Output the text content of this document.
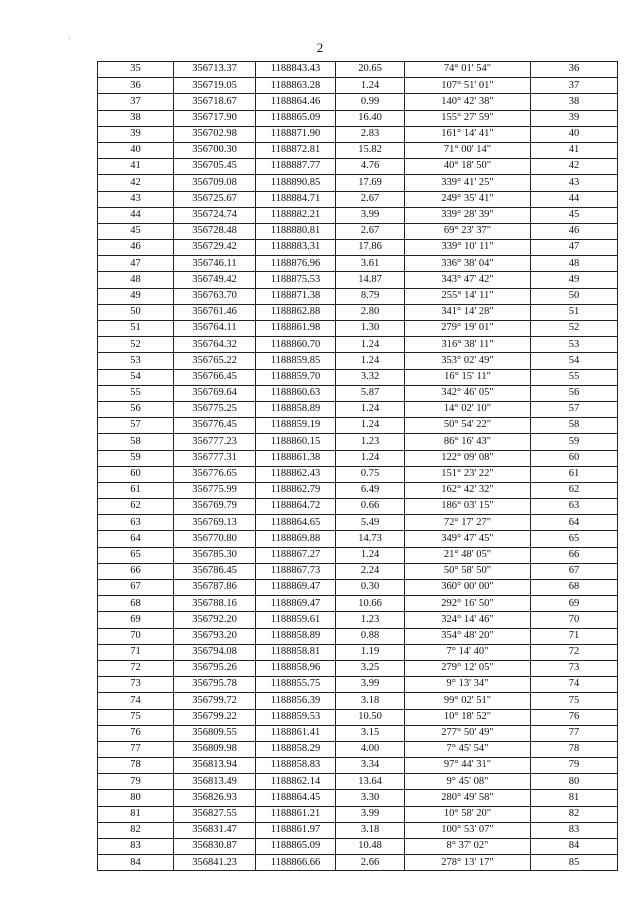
'	2
35	356713.37	1188843.43	20.65	74° 01' 54"	36
36	356719.05	1188863.28	1.24	107° 51' 01"	37
37	356718.67	1188864.46	0.99	140° 42' 38"	38
38	356717.90	1188865.09	16.40	155° 27' 59"	39
39	356702.98	1188871.90	2.83	161° 14' 41"	40
40	356700.30	1188872.81	15.82	71° 00' 14"	41
41	356705.45	1188887.77	4.76	40° 18' 50"	42
42	356709.08	1188890.85	17.69	339° 41' 25"	43
43	356725.67	1188884.71	2.67	249° 35' 41"	44
44	356724.74	1188882.21	3.99	339° 28' 39"	45
45	356728.48	1188880.81	2.67	69° 23' 37"	46
46	356729.42	1188883.31	17.86	339° 10' 11"	47
47	356746.11	1188876.96	3.61	336° 38' 04"	48
48	356749.42	1188875.53	14.87	343° 47' 42"	49
49	356763.70	1188871.38	8.79	255° 14' 11"	50
50	356761.46	1188862.88	2.80	341° 14' 28"	51
51	356764.11	1188861.98	1.30	279° 19' 01"	52
52	356764.32	1188860.70	1.24	316° 38' 11"	53
53	356765.22	1188859.85	1.24	353° 02' 49"	54
54	356766.45	1188859.70	3.32	16° 15' 11"	55
55	356769.64	1188860.63	5.87	342° 46' 05"	56
56	356775.25	1188858.89	1.24	14° 02' 10"	57
57	356776.45	1188859.19	1.24	50° 54' 22"	58
58	356777.23	1188860.15	1.23	86° 16' 43"	59
59	356777.31	1188861.38	1.24	122° 09' 08"	60
60	356776.65	1188862.43	0.75	151° 23' 22"	61
61	356775.99	1188862.79	6.49	162° 42' 32"	62
62	356769.79	1188864.72	0.66	186° 03' 15"	63
63	356769.13	1188864.65	5.49	72° 17' 27"	64
64	356770.80	1188869.88	14.73	349° 47' 45"	65
65	356785.30	1188867.27	1.24	21° 48' 05"	66
66	356786.45	1188867.73	2.24	50° 58' 50"	67
67	356787.86	1188869.47	0.30	360° 00' 00"	68
68	356788.16	1188869.47	10.66	292° 16' 50"	69
69	356792.20	1188859.61	1.23	324° 14' 46"	70
70	356793.20	1188858.89	0.88	354° 48' 20"	71
71	356794.08	1188858.81	1.19	7° 14' 40"	72
72	356795.26	1188858.96	3.25	279° 12' 05"	73
73	356795.78	1188855.75	3.99	9° 13' 34"	74
74	356799.72	1188856.39	3.18	99° 02' 51"	75
75	356799.22	1188859.53	10.50	10° 18' 52"	76
76	356809.55	1188861.41	3.15	277° 50' 49"	77
77	356809.98	1188858.29	4.00	7° 45' 54"	78
78	356813.94	1188858.83	3.34	97° 44' 31"	79
79	356813.49	1188862.14	13.64	9° 45' 08"	80
80	356826.93	1188864.45	3.30	280° 49' 58"	81
81	356827.55	1188861.21	3.99	10° 58' 20"	82
82	356831.47	1188861.97	3.18	100° 53' 07"	83
83	356830.87	1188865.09	10.48	8° 37' 02"	84
84	356841.23	1188866.66	2.66	278° 13' 17"	85
